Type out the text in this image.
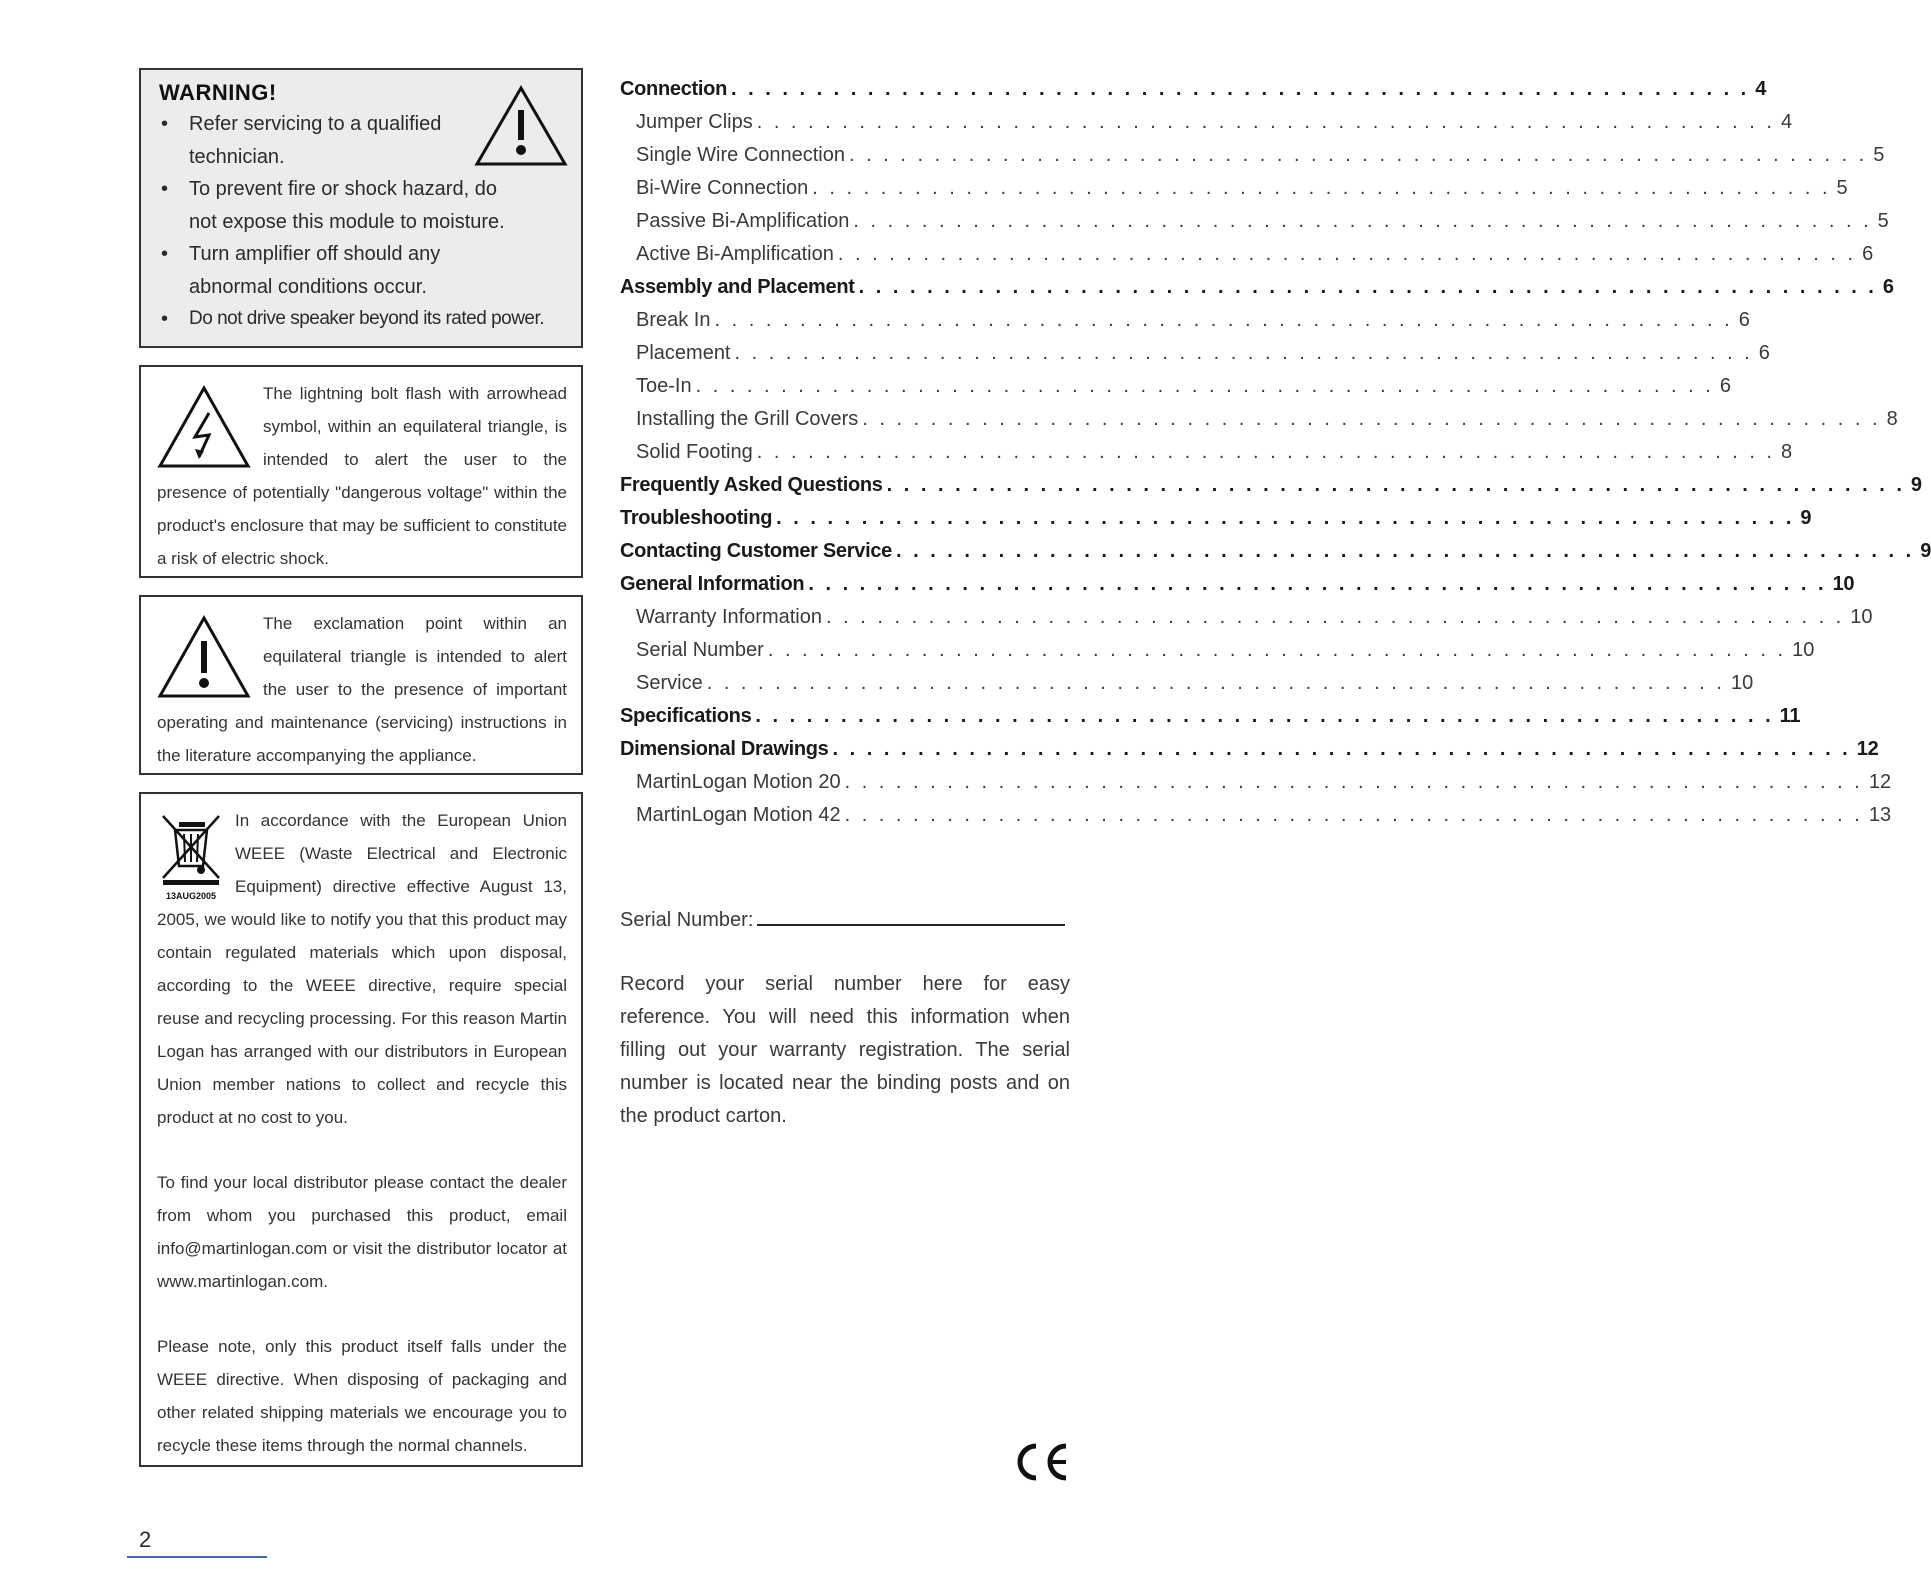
WARNING!
• Refer servicing to a qualified technician.
• To prevent fire or shock hazard, do not expose this module to moisture.
• Turn amplifier off should any abnormal conditions occur.
• Do not drive speaker beyond its rated power.

The lightning bolt flash with arrowhead symbol, within an equilateral triangle, is intended to alert the user to the presence of potentially "dangerous voltage" within the product's enclosure that may be sufficient to constitute a risk of electric shock.

The exclamation point within an equilateral triangle is intended to alert the user to the presence of important operating and maintenance (servicing) instructions in the literature accompanying the appliance.

13AUG2005

In accordance with the European Union WEEE (Waste Electrical and Electronic Equipment) directive effective August 13, 2005, we would like to notify you that this product may contain regulated materials which upon disposal, according to the WEEE directive, require special reuse and recycling processing. For this reason Martin Logan has arranged with our distributors in European Union member nations to collect and recycle this product at no cost to you.

To find your local distributor please contact the dealer from whom you purchased this product, email info@martinlogan.com or visit the distributor locator at www.martinlogan.com.

Please note, only this product itself falls under the WEEE directive. When disposing of packaging and other related shipping materials we encourage you to recycle these items through the normal channels.

Connection . . . . . . . . . . . . . . . . . . . . . . . . . . . . . . . . . . . . . . . . . . . . . . . . . . . . . . . . . . . . 4
Jumper Clips . . . . . . . . . . . . . . . . . . . . . . . . . . . . . . . . . . . . . . . . . . . . . . . . . . . . . . . . . . . . 4
Single Wire Connection . . . . . . . . . . . . . . . . . . . . . . . . . . . . . . . . . . . . . . . . . . . . . . . . . . . . . . . . . . . . 5
Bi-Wire Connection . . . . . . . . . . . . . . . . . . . . . . . . . . . . . . . . . . . . . . . . . . . . . . . . . . . . . . . . . . . . 5
Passive Bi-Amplification . . . . . . . . . . . . . . . . . . . . . . . . . . . . . . . . . . . . . . . . . . . . . . . . . . . . . . . . . . . . 5
Active Bi-Amplification . . . . . . . . . . . . . . . . . . . . . . . . . . . . . . . . . . . . . . . . . . . . . . . . . . . . . . . . . . . . 6
Assembly and Placement . . . . . . . . . . . . . . . . . . . . . . . . . . . . . . . . . . . . . . . . . . . . . . . . . . . . . . . . . . . . 6
Break In . . . . . . . . . . . . . . . . . . . . . . . . . . . . . . . . . . . . . . . . . . . . . . . . . . . . . . . . . . . . 6
Placement . . . . . . . . . . . . . . . . . . . . . . . . . . . . . . . . . . . . . . . . . . . . . . . . . . . . . . . . . . . . 6
Toe-In . . . . . . . . . . . . . . . . . . . . . . . . . . . . . . . . . . . . . . . . . . . . . . . . . . . . . . . . . . . . 6
Installing the Grill Covers . . . . . . . . . . . . . . . . . . . . . . . . . . . . . . . . . . . . . . . . . . . . . . . . . . . . . . . . . . . . 8
Solid Footing . . . . . . . . . . . . . . . . . . . . . . . . . . . . . . . . . . . . . . . . . . . . . . . . . . . . . . . . . . . . 8
Frequently Asked Questions . . . . . . . . . . . . . . . . . . . . . . . . . . . . . . . . . . . . . . . . . . . . . . . . . . . . . . . . . . . . 9
Troubleshooting . . . . . . . . . . . . . . . . . . . . . . . . . . . . . . . . . . . . . . . . . . . . . . . . . . . . . . . . . . . . 9
Contacting Customer Service . . . . . . . . . . . . . . . . . . . . . . . . . . . . . . . . . . . . . . . . . . . . . . . . . . . . . . . . . . . . 9
General Information . . . . . . . . . . . . . . . . . . . . . . . . . . . . . . . . . . . . . . . . . . . . . . . . . . . . . . . . . . . . 10
Warranty Information . . . . . . . . . . . . . . . . . . . . . . . . . . . . . . . . . . . . . . . . . . . . . . . . . . . . . . . . . . . . 10
Serial Number . . . . . . . . . . . . . . . . . . . . . . . . . . . . . . . . . . . . . . . . . . . . . . . . . . . . . . . . . . . . 10
Service . . . . . . . . . . . . . . . . . . . . . . . . . . . . . . . . . . . . . . . . . . . . . . . . . . . . . . . . . . . . 10
Specifications . . . . . . . . . . . . . . . . . . . . . . . . . . . . . . . . . . . . . . . . . . . . . . . . . . . . . . . . . . . . 11
Dimensional Drawings . . . . . . . . . . . . . . . . . . . . . . . . . . . . . . . . . . . . . . . . . . . . . . . . . . . . . . . . . . . . 12
MartinLogan Motion 20 . . . . . . . . . . . . . . . . . . . . . . . . . . . . . . . . . . . . . . . . . . . . . . . . . . . . . . . . . . . . 12
MartinLogan Motion 42 . . . . . . . . . . . . . . . . . . . . . . . . . . . . . . . . . . . . . . . . . . . . . . . . . . . . . . . . . . . . 13
Serial Number:

Record your serial number here for easy reference. You will need this information when filling out your warranty registration. The serial number is located near the binding posts and on the product carton.

2
